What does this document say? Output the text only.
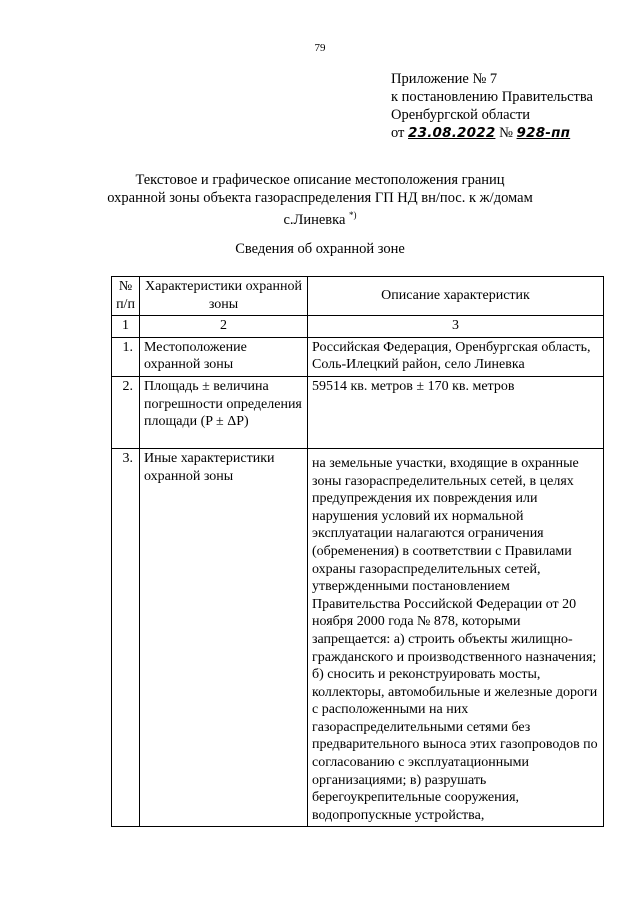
79
Приложение № 7
к постановлению Правительства
Оренбургской области
от 23.08.2022 № 928-пп
Текстовое и графическое описание местоположения границ
охранной зоны объекта газораспределения ГП НД вн/пос. к ж/домам
с.Линевка *)
Сведения об охранной зоне
№ п/п	Характеристики охранной зоны	Описание характеристик
1	2	3
1.	Местоположение охранной зоны	Российская Федерация, Оренбургская область, Соль-Илецкий район, село Линевка
2.	Площадь ± величина погрешности определения площади (P ± ΔP)	59514 кв. метров ± 170 кв. метров
3.	Иные характеристики охранной зоны	на земельные участки, входящие в охранные зоны газораспределительных сетей, в целях предупреждения их повреждения или нарушения условий их нормальной эксплуатации налагаются ограничения (обременения) в соответствии с Правилами охраны газораспределительных сетей, утвержденными постановлением Правительства Российской Федерации от 20 ноября 2000 года № 878, которыми запрещается: а) строить объекты жилищно-гражданского и производственного назначения; б) сносить и реконструировать мосты, коллекторы, автомобильные и железные дороги с расположенными на них газораспределительными сетями без предварительного выноса этих газопроводов по согласованию с эксплуатационными организациями; в) разрушать берегоукрепительные сооружения, водопропускные устройства,
